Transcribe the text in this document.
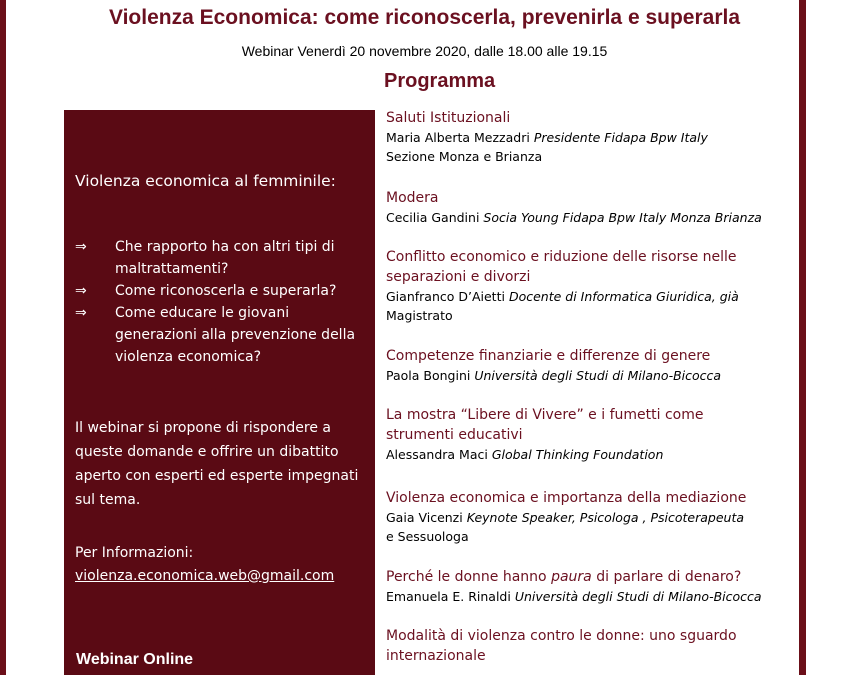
Violenza Economica: come riconoscerla, prevenirla e superarla
Webinar Venerdì 20 novembre 2020, dalle 18.00 alle 19.15
Programma
Violenza economica al femminile:
⇒	Che rapporto ha con altri tipi di maltrattamenti?
⇒	Come riconoscerla e superarla?
⇒	Come educare le giovani generazioni alla prevenzione della violenza economica?
Il webinar si propone di rispondere a queste domande e offrire un dibattito aperto con esperti ed esperte impegnati sul tema.
Per Informazioni:
violenza.economica.web@gmail.com
Webinar Online
Saluti Istituzionali
Maria Alberta Mezzadri Presidente Fidapa Bpw Italy
Sezione Monza e Brianza
Modera
Cecilia Gandini Socia Young Fidapa Bpw Italy Monza Brianza
Conflitto economico e riduzione delle risorse nelle
separazioni e divorzi
Gianfranco D’Aietti Docente di Informatica Giuridica, già
Magistrato
Competenze finanziarie e differenze di genere
Paola Bongini Università degli Studi di Milano-Bicocca
La mostra “Libere di Vivere” e i fumetti come
strumenti educativi
Alessandra Maci Global Thinking Foundation
Violenza economica e importanza della mediazione
Gaia Vicenzi Keynote Speaker, Psicologa , Psicoterapeuta
e Sessuologa
Perché le donne hanno paura di parlare di denaro?
Emanuela E. Rinaldi Università degli Studi di Milano-Bicocca
Modalità di violenza contro le donne: uno sguardo
internazionale
